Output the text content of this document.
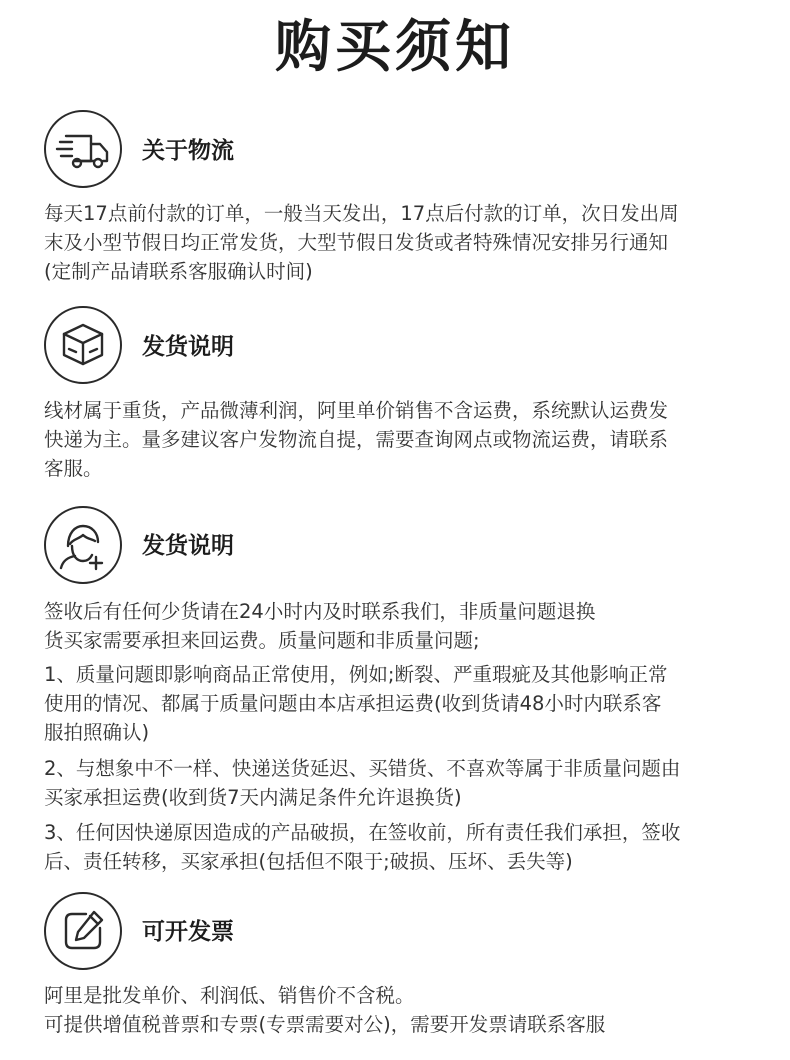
购买须知
关于物流

每天17点前付款的订单，一般当天发出，17点后付款的订单，次日发出周
末及小型节假日均正常发货，大型节假日发货或者特殊情况安排另行通知
(定制产品请联系客服确认时间)

发货说明

线材属于重货，产品微薄利润，阿里单价销售不含运费，系统默认运费发
快递为主。量多建议客户发物流自提，需要查询网点或物流运费，请联系
客服。

发货说明

签收后有任何少货请在24小时内及时联系我们，非质量问题退换
货买家需要承担来回运费。质量问题和非质量问题;

1、质量问题即影响商品正常使用，例如;断裂、严重瑕疵及其他影响正常
使用的情况、都属于质量问题由本店承担运费(收到货请48小时内联系客
服拍照确认)

2、与想象中不一样、快递送货延迟、买错货、不喜欢等属于非质量问题由
买家承担运费(收到货7天内满足条件允许退换货)

3、任何因快递原因造成的产品破损，在签收前，所有责任我们承担，签收
后、责任转移，买家承担(包括但不限于;破损、压坏、丢失等)

可开发票

阿里是批发单价、利润低、销售价不含税。
可提供增值税普票和专票(专票需要对公)，需要开发票请联系客服
